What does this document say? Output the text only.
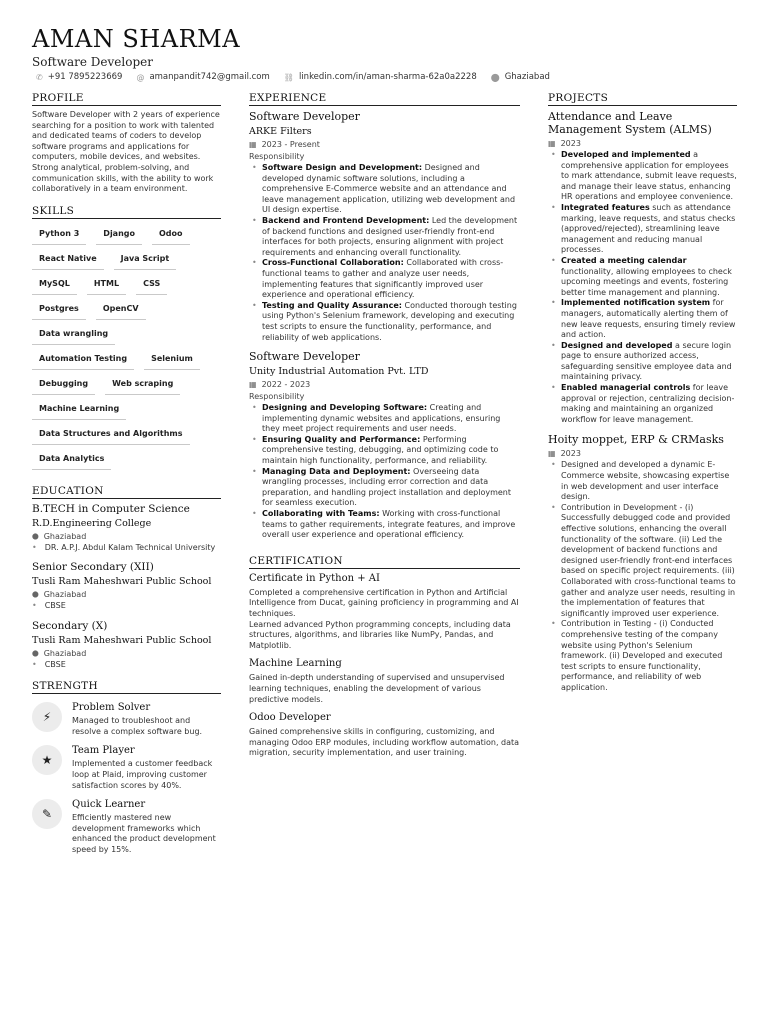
AMAN SHARMA
Software Developer
✆ +91 7895223669 @ amanpandit742@gmail.com ⛓ linkedin.com/in/aman-sharma-62a0a2228 ⬤ Ghaziabad
PROFILE
Software Developer with 2 years of experience searching for a position to work with talented and dedicated teams of coders to develop software programs and applications for computers, mobile devices, and websites. Strong analytical, problem-solving, and communication skills, with the ability to work collaboratively in a team environment.
SKILLS
Python 3	Django	Odoo
React Native	Java Script
MySQL	HTML	CSS
Postgres	OpenCV
Data wrangling
Automation Testing	Selenium
Debugging	Web scraping
Machine Learning
Data Structures and Algorithms
Data Analytics
EDUCATION
B.TECH in Computer Science
R.D.Engineering College
⬤ Ghaziabad
• DR. A.P.J. Abdul Kalam Technical University
Senior Secondary (XII)
Tusli Ram Maheshwari Public School
⬤ Ghaziabad
• CBSE
Secondary (X)
Tusli Ram Maheshwari Public School
⬤ Ghaziabad
• CBSE
STRENGTH
⚡
Problem Solver
Managed to troubleshoot and resolve a complex software bug.
★
Team Player
Implemented a customer feedback loop at Plaid, improving customer satisfaction scores by 40%.
✎
Quick Learner
Efficiently mastered new development frameworks which enhanced the product development speed by 15%.
EXPERIENCE
Software Developer
ARKE Filters
▦ 2023 - Present
Responsibility
• Software Design and Development: Designed and developed dynamic software solutions, including a comprehensive E-Commerce website and an attendance and leave management application, utilizing web development and UI design expertise.
• Backend and Frontend Development: Led the development of backend functions and designed user-friendly front-end interfaces for both projects, ensuring alignment with project requirements and enhancing overall functionality.
• Cross-Functional Collaboration: Collaborated with cross-functional teams to gather and analyze user needs, implementing features that significantly improved user experience and operational efficiency.
• Testing and Quality Assurance: Conducted thorough testing using Python's Selenium framework, developing and executing test scripts to ensure the functionality, performance, and reliability of web applications.
Software Developer
Unity Industrial Automation Pvt. LTD
▦ 2022 - 2023
Responsibility
• Designing and Developing Software: Creating and implementing dynamic websites and applications, ensuring they meet project requirements and user needs.
• Ensuring Quality and Performance: Performing comprehensive testing, debugging, and optimizing code to maintain high functionality, performance, and reliability.
• Managing Data and Deployment: Overseeing data wrangling processes, including error correction and data preparation, and handling project installation and deployment for seamless execution.
• Collaborating with Teams: Working with cross-functional teams to gather requirements, integrate features, and improve overall user experience and operational efficiency.
CERTIFICATION
Certificate in Python + AI
Completed a comprehensive certification in Python and Artificial Intelligence from Ducat, gaining proficiency in programming and AI techniques.
Learned advanced Python programming concepts, including data structures, algorithms, and libraries like NumPy, Pandas, and Matplotlib.
Machine Learning
Gained in-depth understanding of supervised and unsupervised learning techniques, enabling the development of various predictive models.
Odoo Developer
Gained comprehensive skills in configuring, customizing, and managing Odoo ERP modules, including workflow automation, data migration, security implementation, and user training.
PROJECTS
Attendance and Leave Management System (ALMS)
▦ 2023
• Developed and implemented a comprehensive application for employees to mark attendance, submit leave requests, and manage their leave status, enhancing HR operations and employee convenience.
• Integrated features such as attendance marking, leave requests, and status checks (approved/rejected), streamlining leave management and reducing manual processes.
• Created a meeting calendar functionality, allowing employees to check upcoming meetings and events, fostering better time management and planning.
• Implemented notification system for managers, automatically alerting them of new leave requests, ensuring timely review and action.
• Designed and developed a secure login page to ensure authorized access, safeguarding sensitive employee data and maintaining privacy.
• Enabled managerial controls for leave approval or rejection, centralizing decision-making and maintaining an organized workflow for leave management.
Hoity moppet, ERP & CRMasks
▦ 2023
• Designed and developed a dynamic E-Commerce website, showcasing expertise in web development and user interface design.
• Contribution in Development - (i) Successfully debugged code and provided effective solutions, enhancing the overall functionality of the software. (ii) Led the development of backend functions and designed user-friendly front-end interfaces based on specific project requirements. (iii) Collaborated with cross-functional teams to gather and analyze user needs, resulting in the implementation of features that significantly improved user experience.
• Contribution in Testing - (i) Conducted comprehensive testing of the company website using Python's Selenium framework. (ii) Developed and executed test scripts to ensure functionality, performance, and reliability of web application.
